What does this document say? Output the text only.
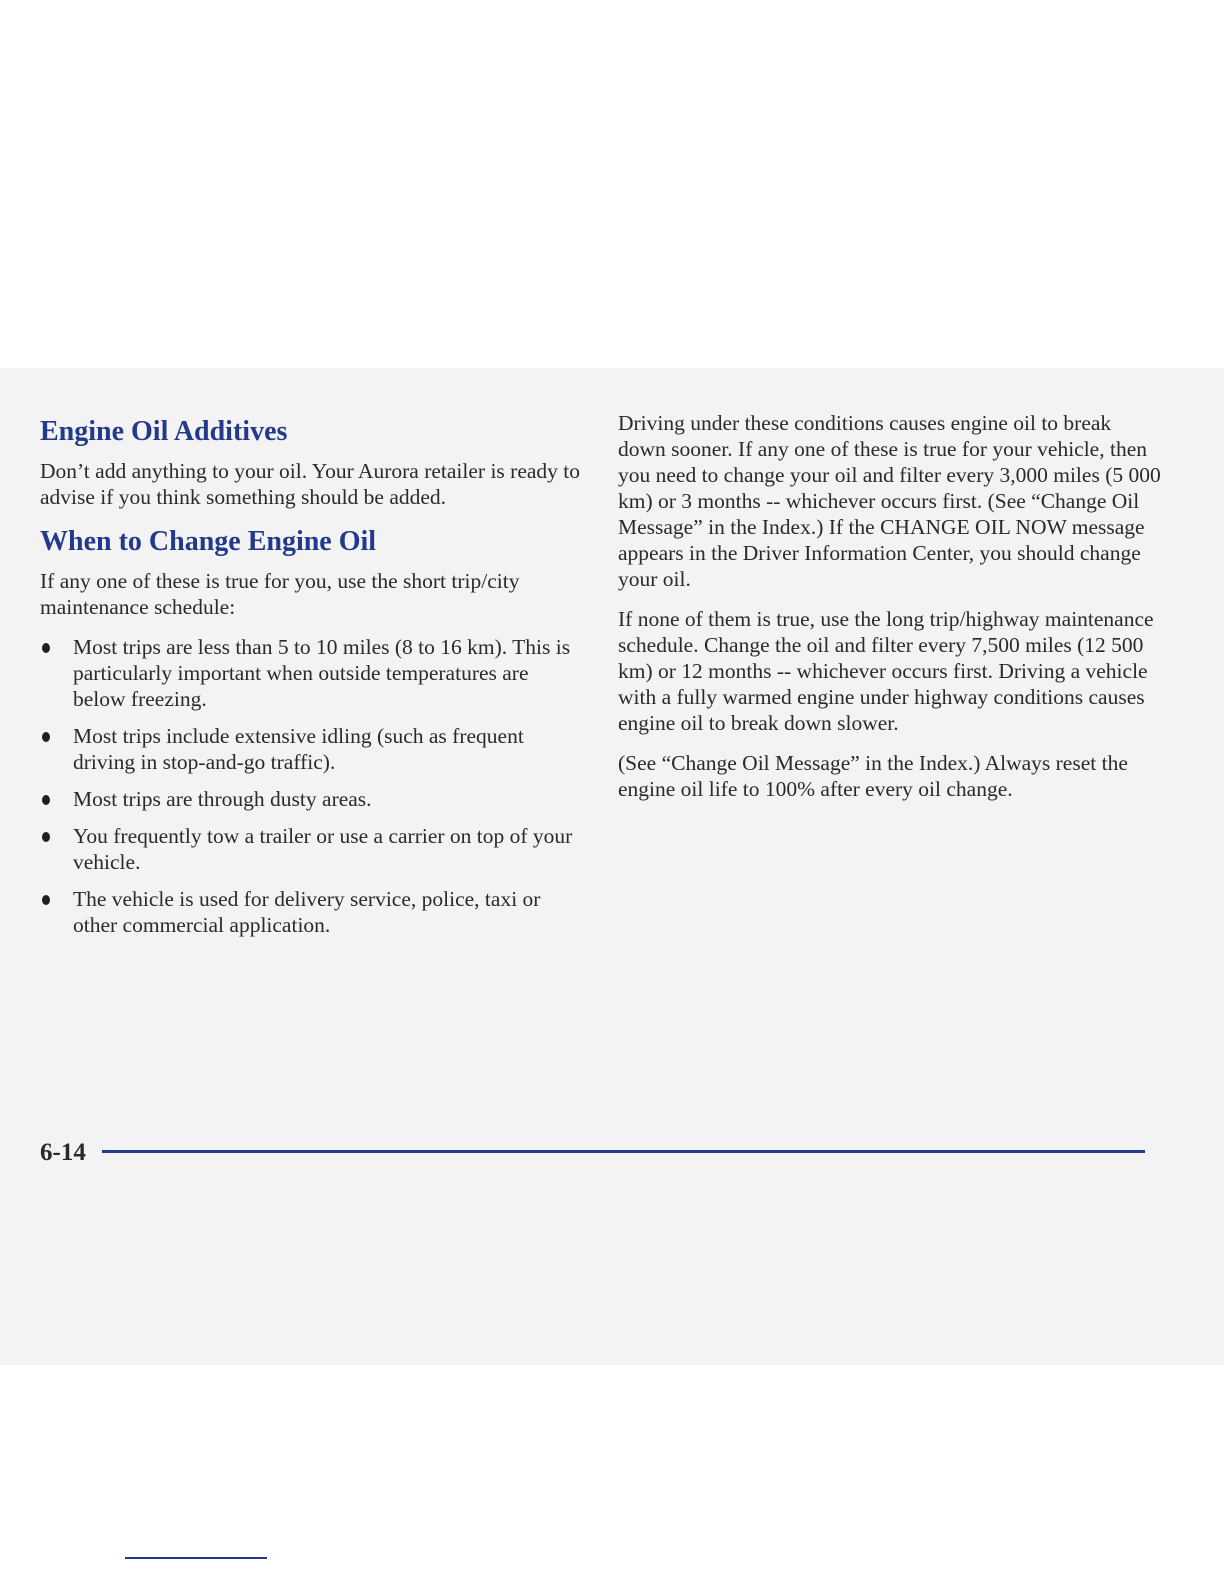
Engine Oil Additives

Don’t add anything to your oil. Your Aurora retailer is ready to advise if you think something should be added.

When to Change Engine Oil

If any one of these is true for you, use the short trip/city maintenance schedule:

Most trips are less than 5 to 10 miles (8 to 16 km). This is particularly important when outside temperatures are below freezing.
Most trips include extensive idling (such as frequent driving in stop-and-go traffic).
Most trips are through dusty areas.
You frequently tow a trailer or use a carrier on top of your vehicle.
The vehicle is used for delivery service, police, taxi or other commercial application.

Driving under these conditions causes engine oil to break down sooner. If any one of these is true for your vehicle, then you need to change your oil and filter every 3,000 miles (5 000 km) or 3 months -- whichever occurs first. (See “Change Oil Message” in the Index.) If the CHANGE OIL NOW message appears in the Driver Information Center, you should change your oil.

If none of them is true, use the long trip/highway maintenance schedule. Change the oil and filter every 7,500 miles (12 500 km) or 12 months -- whichever occurs first. Driving a vehicle with a fully warmed engine under highway conditions causes engine oil to break down slower.

(See “Change Oil Message” in the Index.) Always reset the engine oil life to 100% after every oil change.

6-14
